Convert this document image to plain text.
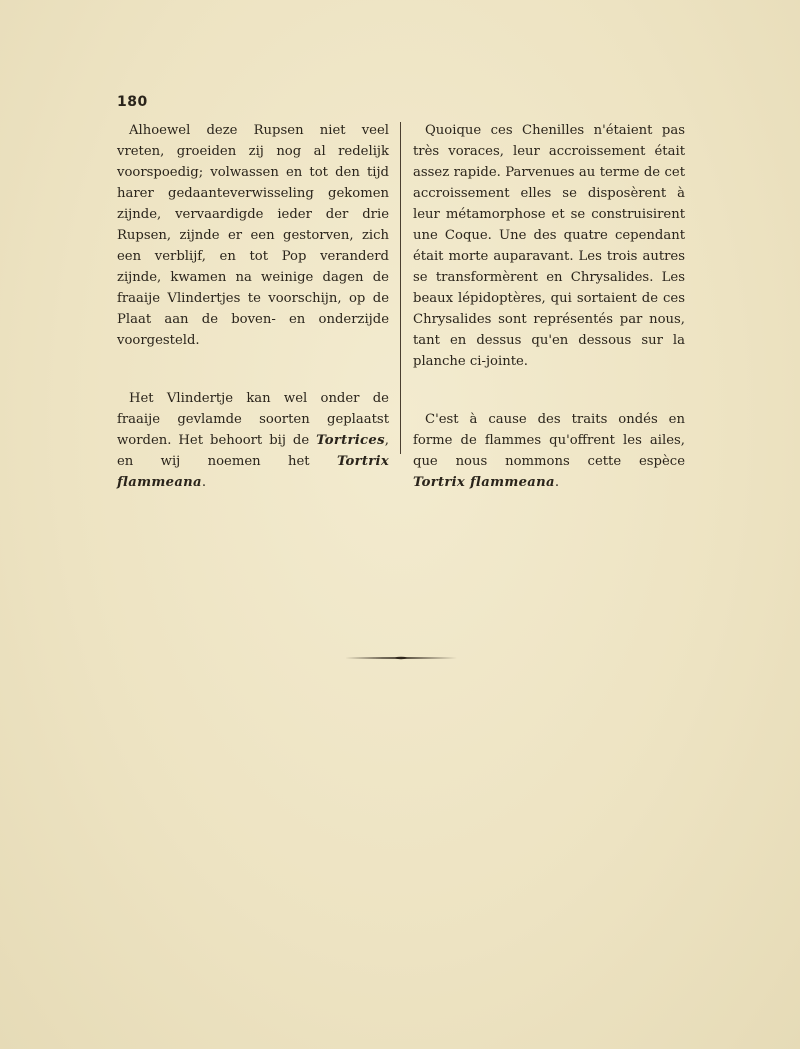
180

Alhoewel deze Rupsen niet veel vreten, groeiden zij nog al redelijk voorspoedig; volwassen en tot den tijd harer gedaanteverwisseling gekomen zijnde, vervaardigde ieder der drie Rupsen, zijnde er een gestorven, zich een verblijf, en tot Pop veranderd zijnde, kwamen na weinige dagen de fraaije Vlindertjes te voorschijn, op de Plaat aan de boven- en onderzijde voorgesteld.

Het Vlindertje kan wel onder de fraaije gevlamde soorten geplaatst worden. Het behoort bij de Tortrices, en wij noemen het Tortrix flammeana.

Quoique ces Chenilles n'étaient pas très voraces, leur accroissement était assez rapide. Parvenues au terme de cet accroissement elles se disposèrent à leur métamorphose et se construisirent une Coque. Une des quatre cependant était morte auparavant. Les trois autres se transformèrent en Chrysalides. Les beaux lépidoptères, qui sortaient de ces Chrysalides sont représentés par nous, tant en dessus qu'en dessous sur la planche ci-jointe.

C'est à cause des traits ondés en forme de flammes qu'offrent les ailes, que nous nommons cette espèce Tortrix flammeana.
